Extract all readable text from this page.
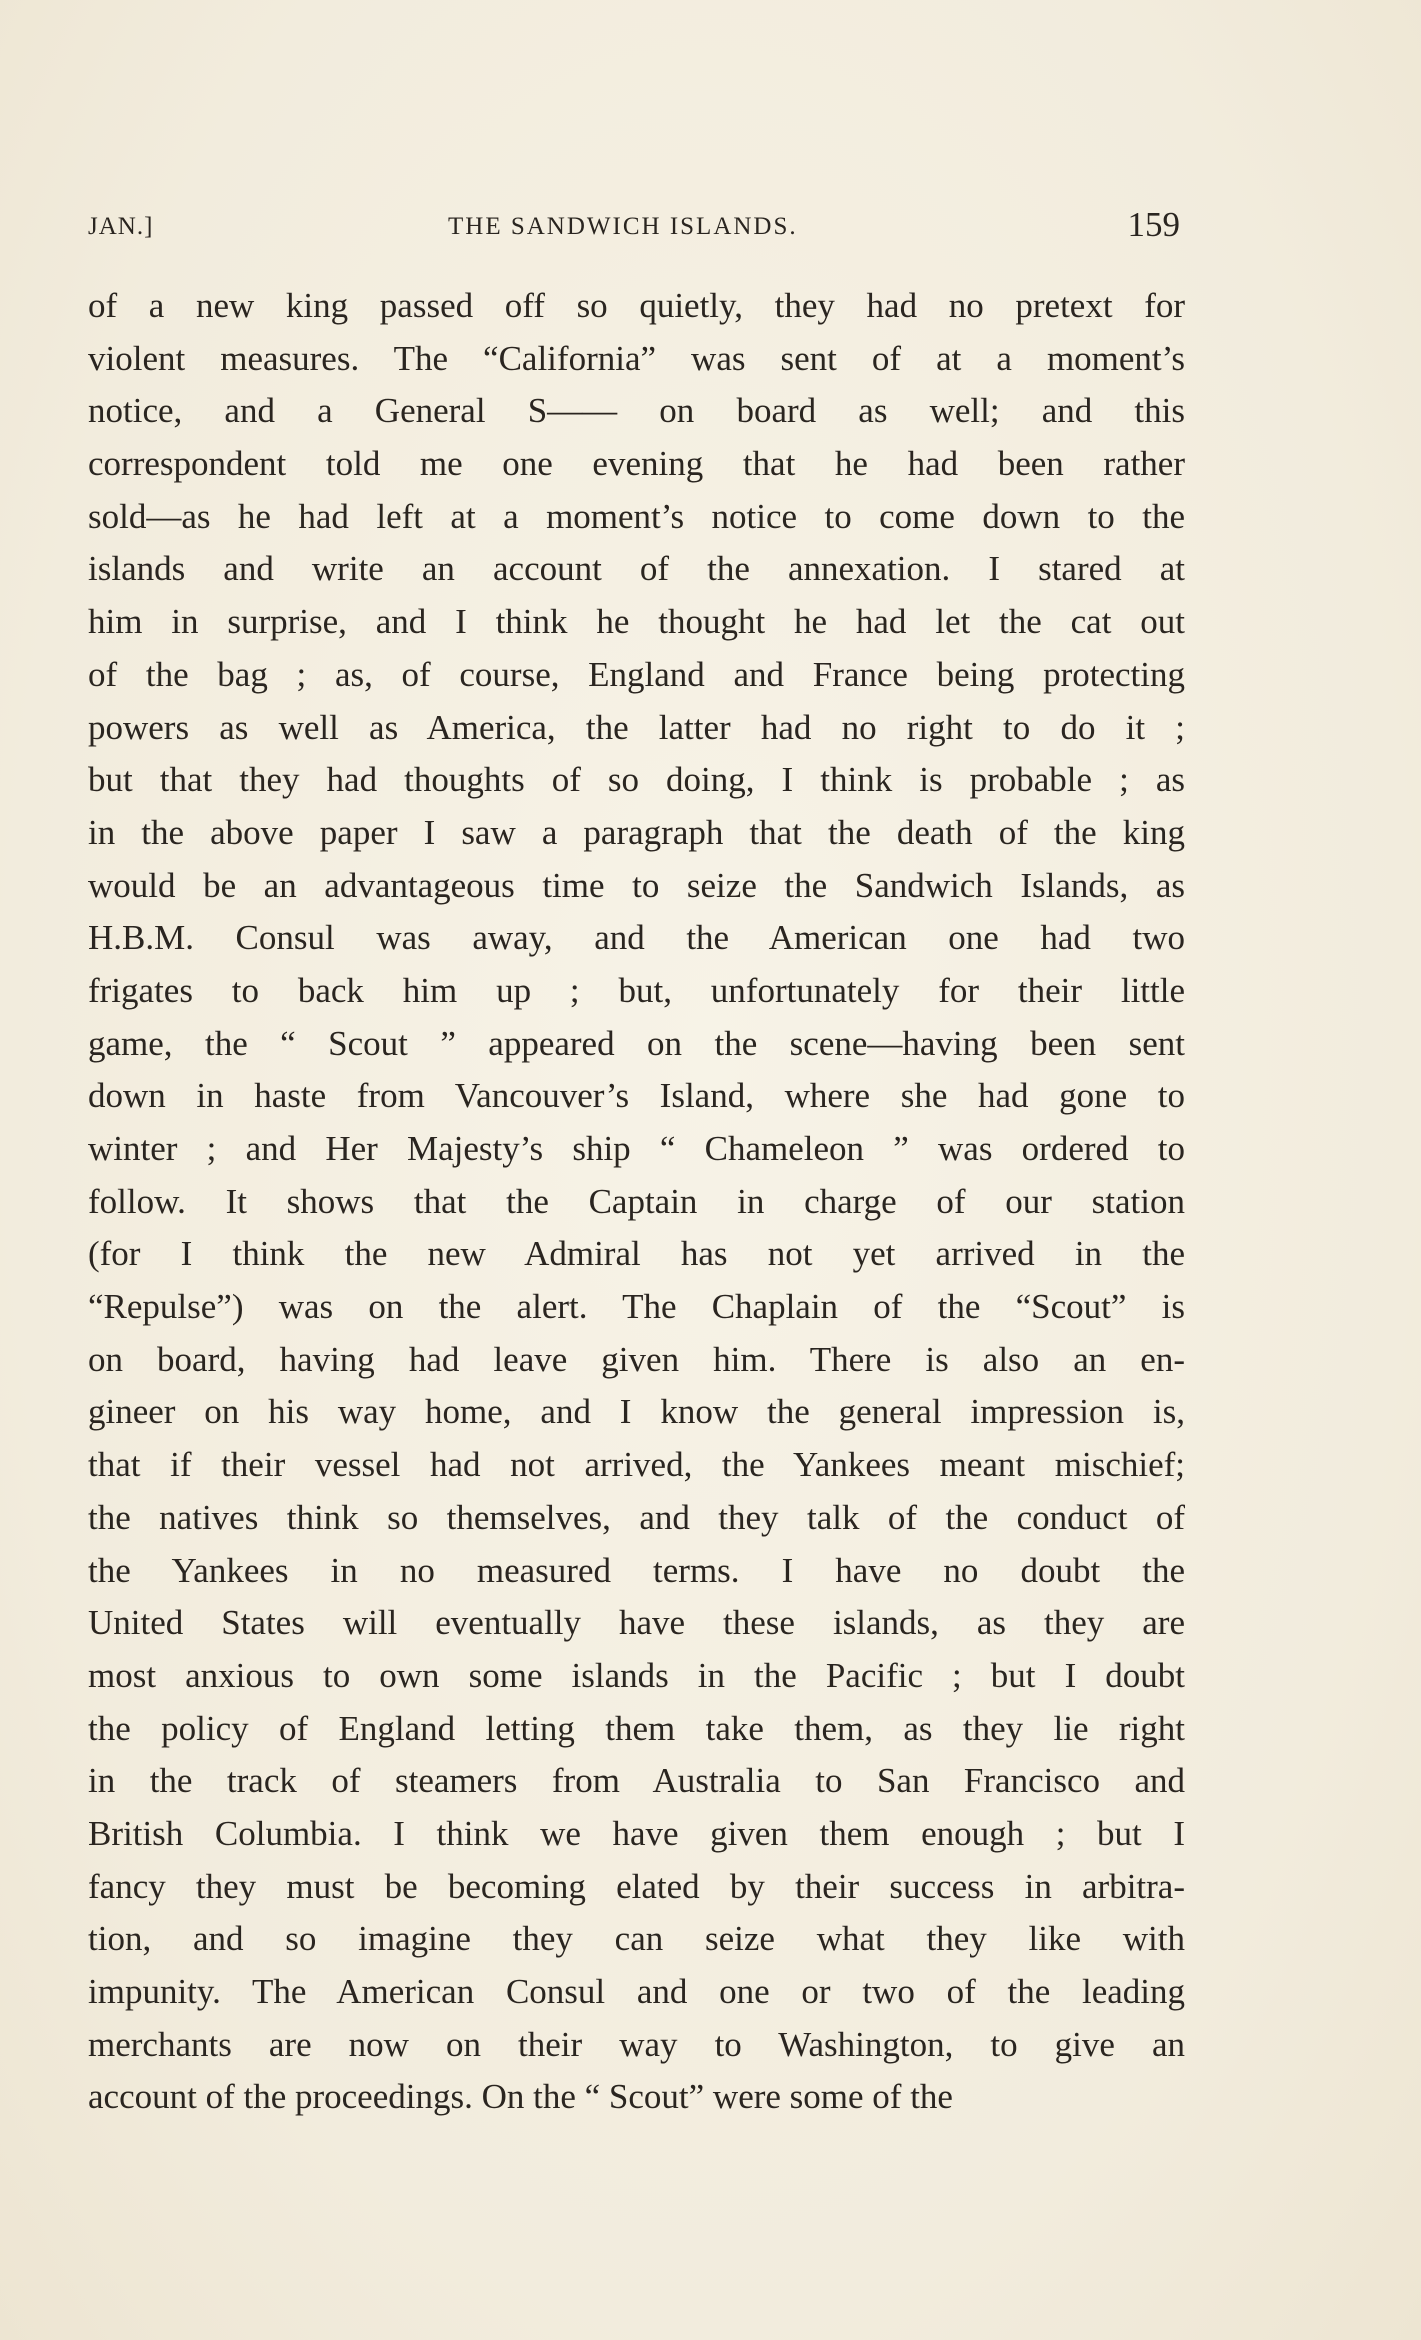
JAN.]	THE SANDWICH ISLANDS.	159
of a new king passed off so quietly, they had no pretext for
violent measures. The “California” was sent of at a moment’s
notice, and a General S—— on board as well; and this
correspondent told me one evening that he had been rather
sold—as he had left at a moment’s notice to come down to the
islands and write an account of the annexation. I stared at
him in surprise, and I think he thought he had let the cat out
of the bag ; as, of course, England and France being protecting
powers as well as America, the latter had no right to do it ;
but that they had thoughts of so doing, I think is probable ; as
in the above paper I saw a paragraph that the death of the king
would be an advantageous time to seize the Sandwich Islands, as
H.B.M. Consul was away, and the American one had two
frigates to back him up ; but, unfortunately for their little
game, the “ Scout ” appeared on the scene—having been sent
down in haste from Vancouver’s Island, where she had gone to
winter ; and Her Majesty’s ship “ Chameleon ” was ordered to
follow. It shows that the Captain in charge of our station
(for I think the new Admiral has not yet arrived in the
“Repulse”) was on the alert. The Chaplain of the “Scout” is
on board, having had leave given him. There is also an en-
gineer on his way home, and I know the general impression is,
that if their vessel had not arrived, the Yankees meant mischief;
the natives think so themselves, and they talk of the conduct of
the Yankees in no measured terms. I have no doubt the
United States will eventually have these islands, as they are
most anxious to own some islands in the Pacific ; but I doubt
the policy of England letting them take them, as they lie right
in the track of steamers from Australia to San Francisco and
British Columbia. I think we have given them enough ; but I
fancy they must be becoming elated by their success in arbitra-
tion, and so imagine they can seize what they like with
impunity. The American Consul and one or two of the leading
merchants are now on their way to Washington, to give an
account of the proceedings. On the “ Scout” were some of the
